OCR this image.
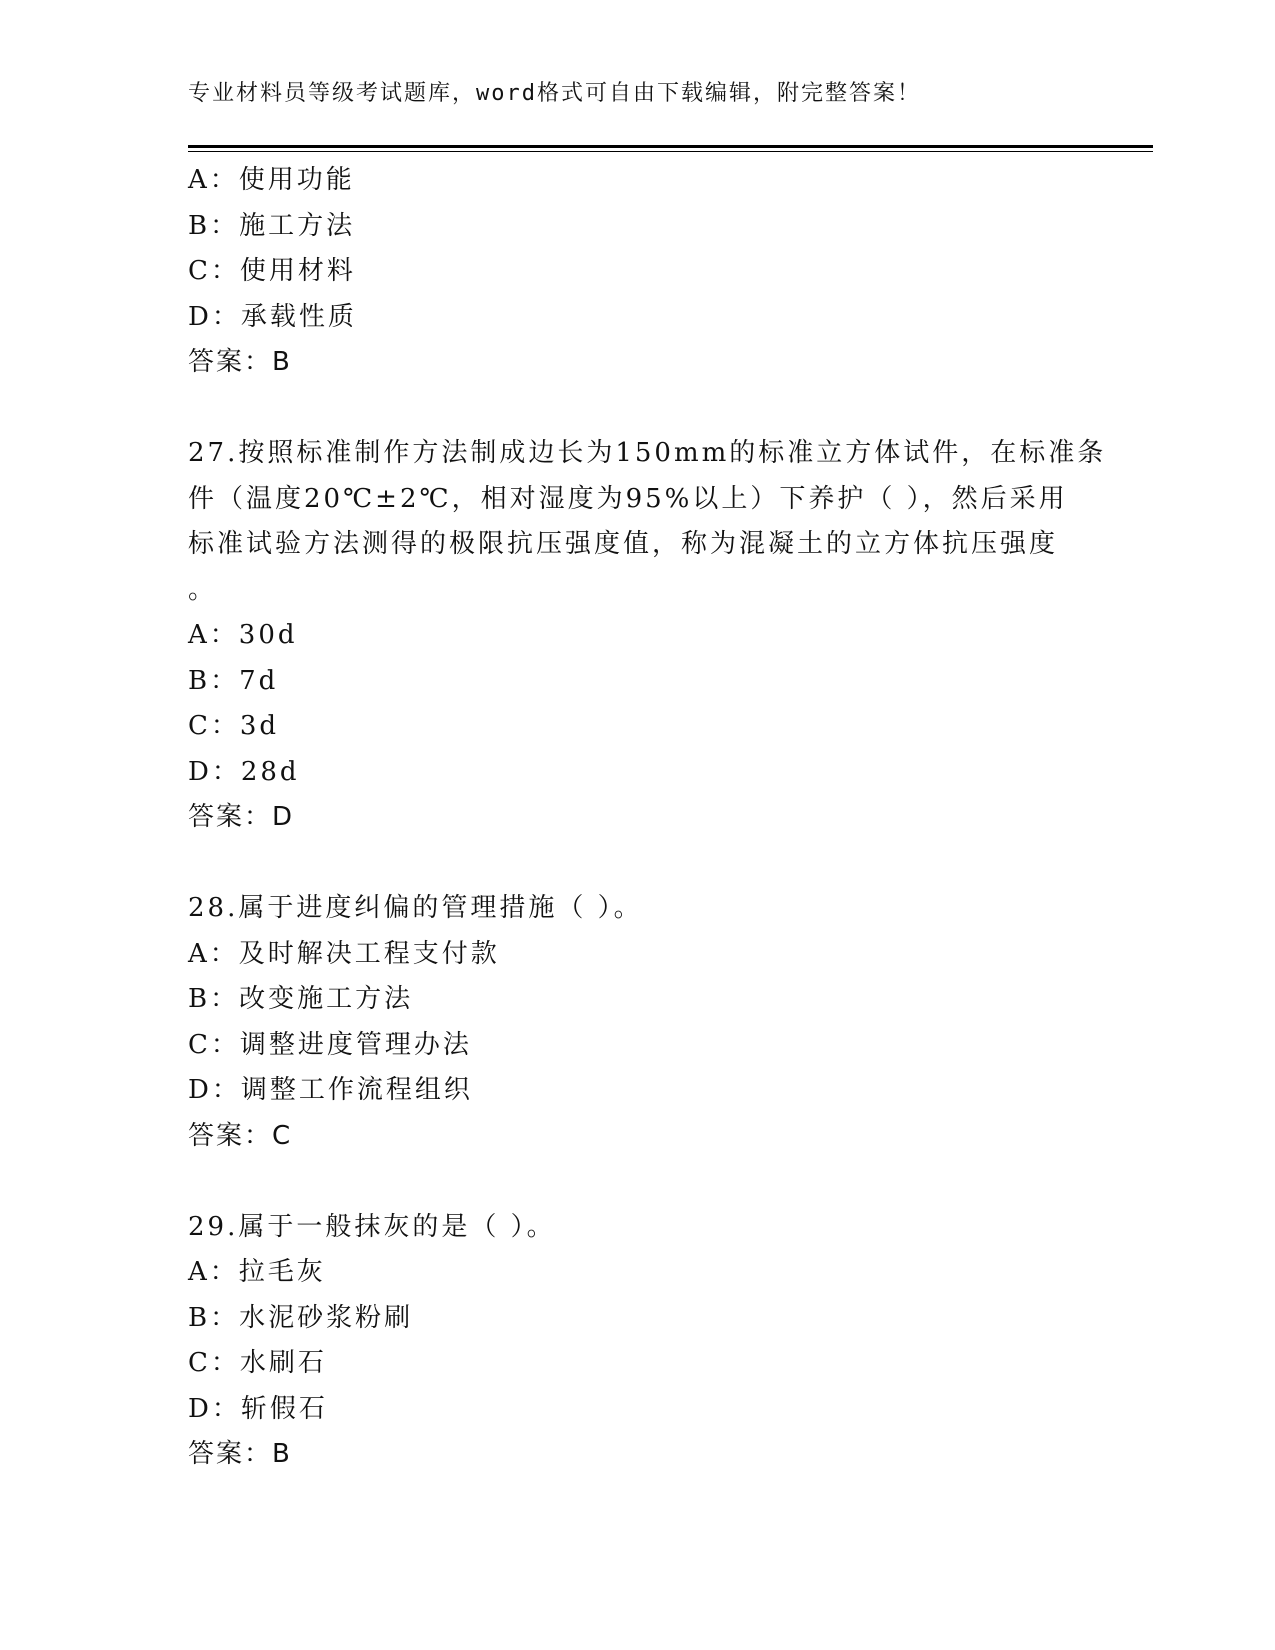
专业材料员等级考试题库，word格式可自由下载编辑，附完整答案！
A：使用功能
B：施工方法
C：使用材料
D：承载性质
答案：B
27.按照标准制作方法制成边长为150mm的标准立方体试件，在标准条
件（温度20℃±2℃，相对湿度为95%以上）下养护（ ），然后采用
标准试验方法测得的极限抗压强度值，称为混凝土的立方体抗压强度
。
A：30d
B：7d
C：3d
D：28d
答案：D
28.属于进度纠偏的管理措施（ ）。
A：及时解决工程支付款
B：改变施工方法
C：调整进度管理办法
D：调整工作流程组织
答案：C
29.属于一般抹灰的是（ ）。
A：拉毛灰
B：水泥砂浆粉刷
C：水刷石
D：斩假石
答案：B
